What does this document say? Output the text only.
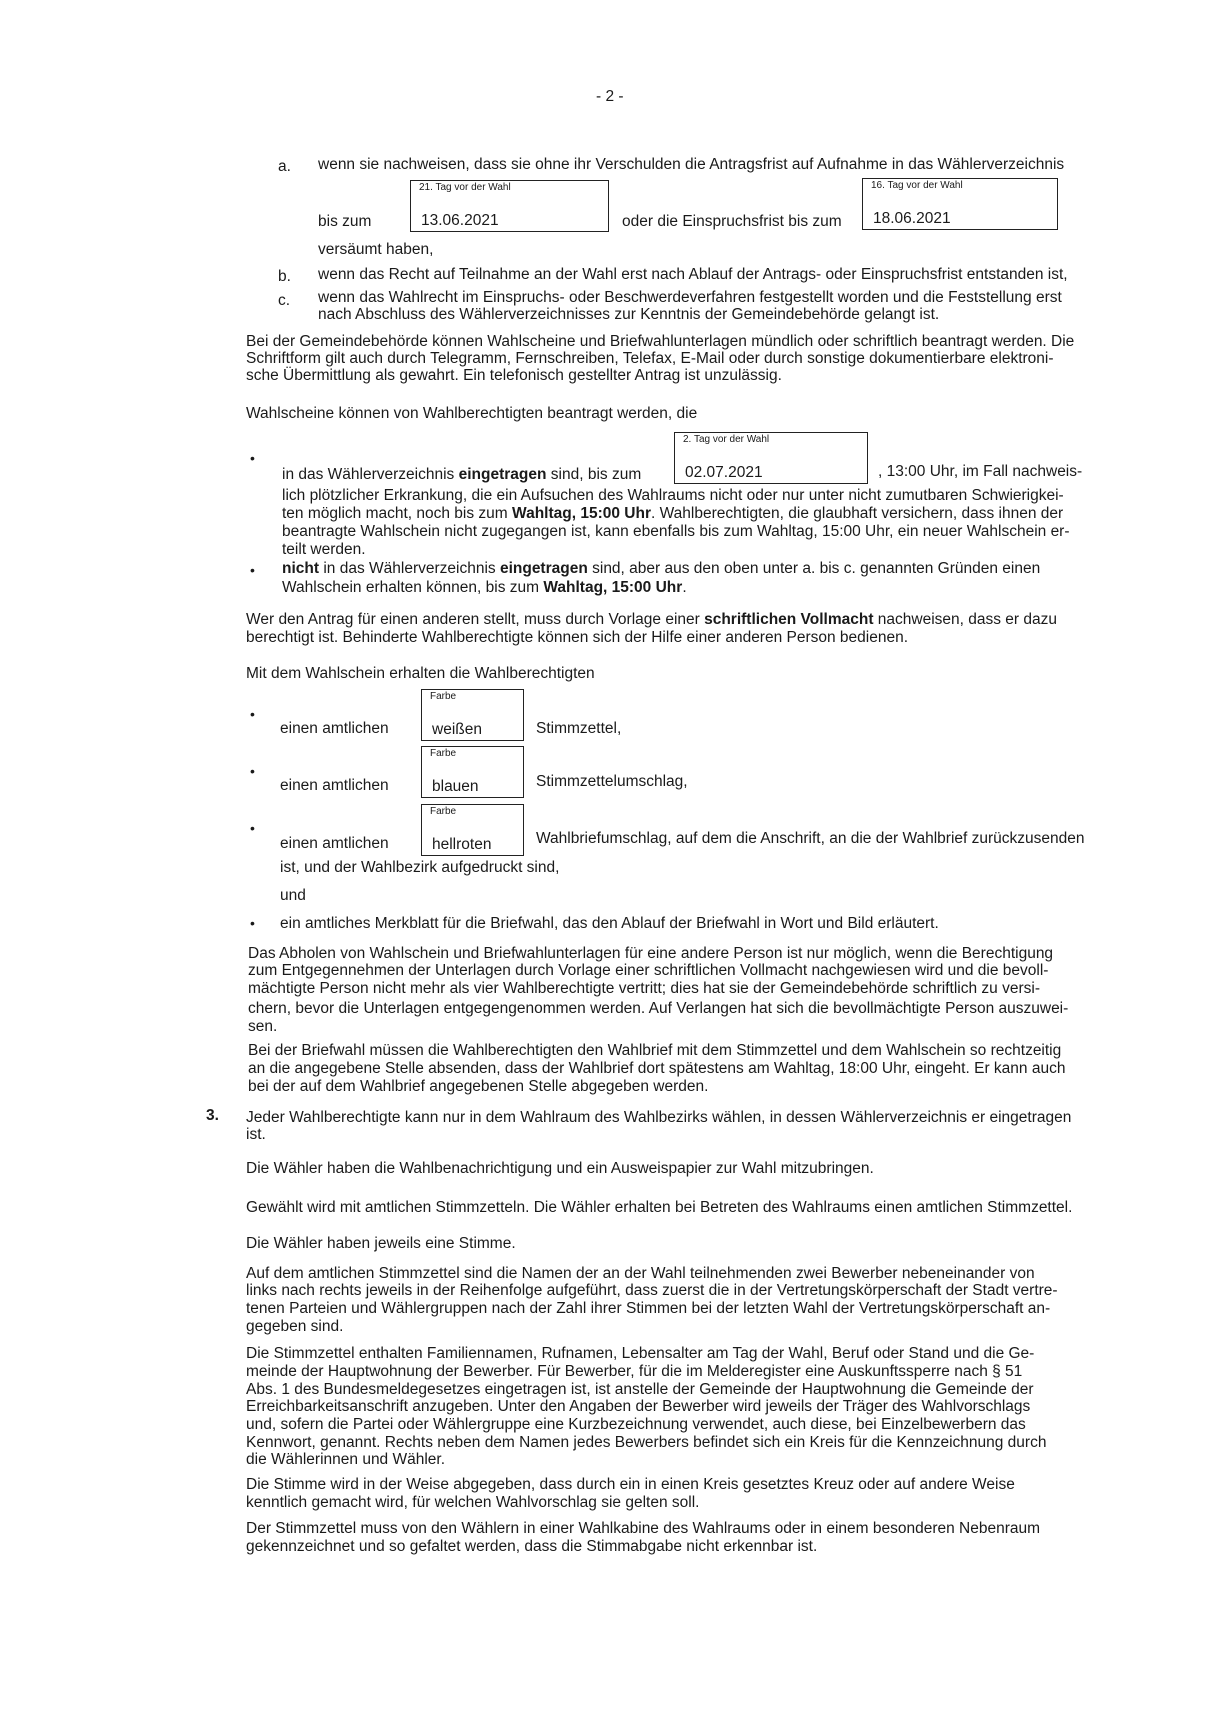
- 2 -
a. wenn sie nachweisen, dass sie ohne ihr Verschulden die Antragsfrist auf Aufnahme in das Wählerverzeichnis
bis zum
21. Tag vor der Wahl
13.06.2021	oder die Einspruchsfrist bis zum
16. Tag vor der Wahl
18.06.2021
versäumt haben,
b. wenn das Recht auf Teilnahme an der Wahl erst nach Ablauf der Antrags- oder Einspruchsfrist entstanden ist,
c. wenn das Wahlrecht im Einspruchs- oder Beschwerdeverfahren festgestellt worden und die Feststellung erst
nach Abschluss des Wählerverzeichnisses zur Kenntnis der Gemeindebehörde gelangt ist.
Bei der Gemeindebehörde können Wahlscheine und Briefwahlunterlagen mündlich oder schriftlich beantragt werden. Die
Schriftform gilt auch durch Telegramm, Fernschreiben, Telefax, E-Mail oder durch sonstige dokumentierbare elektroni-
sche Übermittlung als gewahrt. Ein telefonisch gestellter Antrag ist unzulässig.
Wahlscheine können von Wahlberechtigten beantragt werden, die
•
in das Wählerverzeichnis eingetragen sind, bis zum
2. Tag vor der Wahl
02.07.2021	, 13:00 Uhr, im Fall nachweis-
lich plötzlicher Erkrankung, die ein Aufsuchen des Wahlraums nicht oder nur unter nicht zumutbaren Schwierigkei-
ten möglich macht, noch bis zum Wahltag, 15:00 Uhr. Wahlberechtigten, die glaubhaft versichern, dass ihnen der
beantragte Wahlschein nicht zugegangen ist, kann ebenfalls bis zum Wahltag, 15:00 Uhr, ein neuer Wahlschein er-
teilt werden.
• nicht in das Wählerverzeichnis eingetragen sind, aber aus den oben unter a. bis c. genannten Gründen einen
Wahlschein erhalten können, bis zum Wahltag, 15:00 Uhr.
Wer den Antrag für einen anderen stellt, muss durch Vorlage einer schriftlichen Vollmacht nachweisen, dass er dazu
berechtigt ist. Behinderte Wahlberechtigte können sich der Hilfe einer anderen Person bedienen.
Mit dem Wahlschein erhalten die Wahlberechtigten
•
einen amtlichen
Farbe
weißen	Stimmzettel,
•
einen amtlichen
Farbe
blauen	Stimmzettelumschlag,
•
einen amtlichen
Farbe
hellroten	Wahlbriefumschlag, auf dem die Anschrift, an die der Wahlbrief zurückzusenden
ist, und der Wahlbezirk aufgedruckt sind,
und
• ein amtliches Merkblatt für die Briefwahl, das den Ablauf der Briefwahl in Wort und Bild erläutert.
Das Abholen von Wahlschein und Briefwahlunterlagen für eine andere Person ist nur möglich, wenn die Berechtigung
zum Entgegennehmen der Unterlagen durch Vorlage einer schriftlichen Vollmacht nachgewiesen wird und die bevoll-
mächtigte Person nicht mehr als vier Wahlberechtigte vertritt; dies hat sie der Gemeindebehörde schriftlich zu versi-
chern, bevor die Unterlagen entgegengenommen werden. Auf Verlangen hat sich die bevollmächtigte Person auszuwei-
sen.
Bei der Briefwahl müssen die Wahlberechtigten den Wahlbrief mit dem Stimmzettel und dem Wahlschein so rechtzeitig
an die angegebene Stelle absenden, dass der Wahlbrief dort spätestens am Wahltag, 18:00 Uhr, eingeht. Er kann auch
bei der auf dem Wahlbrief angegebenen Stelle abgegeben werden.
3. Jeder Wahlberechtigte kann nur in dem Wahlraum des Wahlbezirks wählen, in dessen Wählerverzeichnis er eingetragen
ist.
Die Wähler haben die Wahlbenachrichtigung und ein Ausweispapier zur Wahl mitzubringen.
Gewählt wird mit amtlichen Stimmzetteln. Die Wähler erhalten bei Betreten des Wahlraums einen amtlichen Stimmzettel.
Die Wähler haben jeweils eine Stimme.
Auf dem amtlichen Stimmzettel sind die Namen der an der Wahl teilnehmenden zwei Bewerber nebeneinander von
links nach rechts jeweils in der Reihenfolge aufgeführt, dass zuerst die in der Vertretungskörperschaft der Stadt vertre-
tenen Parteien und Wählergruppen nach der Zahl ihrer Stimmen bei der letzten Wahl der Vertretungskörperschaft an-
gegeben sind.
Die Stimmzettel enthalten Familiennamen, Rufnamen, Lebensalter am Tag der Wahl, Beruf oder Stand und die Ge-
meinde der Hauptwohnung der Bewerber. Für Bewerber, für die im Melderegister eine Auskunftssperre nach § 51
Abs. 1 des Bundesmeldegesetzes eingetragen ist, ist anstelle der Gemeinde der Hauptwohnung die Gemeinde der
Erreichbarkeitsanschrift anzugeben. Unter den Angaben der Bewerber wird jeweils der Träger des Wahlvorschlags
und, sofern die Partei oder Wählergruppe eine Kurzbezeichnung verwendet, auch diese, bei Einzelbewerbern das
Kennwort, genannt. Rechts neben dem Namen jedes Bewerbers befindet sich ein Kreis für die Kennzeichnung durch
die Wählerinnen und Wähler.
Die Stimme wird in der Weise abgegeben, dass durch ein in einen Kreis gesetztes Kreuz oder auf andere Weise
kenntlich gemacht wird, für welchen Wahlvorschlag sie gelten soll.
Der Stimmzettel muss von den Wählern in einer Wahlkabine des Wahlraums oder in einem besonderen Nebenraum
gekennzeichnet und so gefaltet werden, dass die Stimmabgabe nicht erkennbar ist.
